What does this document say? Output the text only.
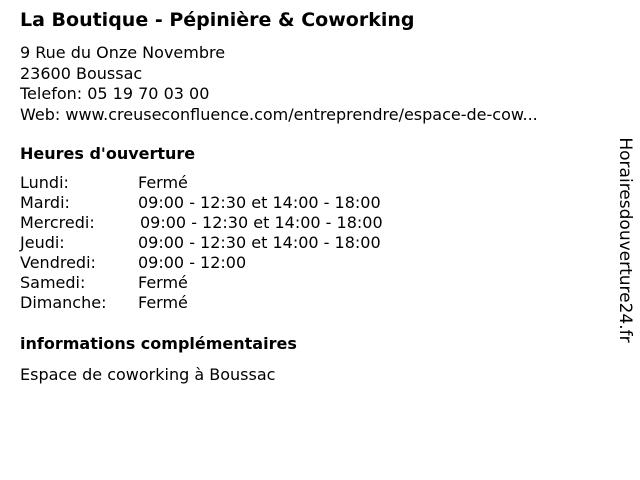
La Boutique - Pépinière & Coworking
9 Rue du Onze Novembre
23600 Boussac
Telefon: 05 19 70 03 00
Web: www.creuseconfluence.com/entreprendre/espace-de-cow...
Heures d'ouverture
Lundi:	Fermé
Mardi:	09:00 - 12:30 et 14:00 - 18:00
Mercredi:	09:00 - 12:30 et 14:00 - 18:00
Jeudi:	09:00 - 12:30 et 14:00 - 18:00
Vendredi:	09:00 - 12:00
Samedi:	Fermé
Dimanche: Fermé
informations complémentaires
Espace de coworking à Boussac
Horairesdouverture24.fr
